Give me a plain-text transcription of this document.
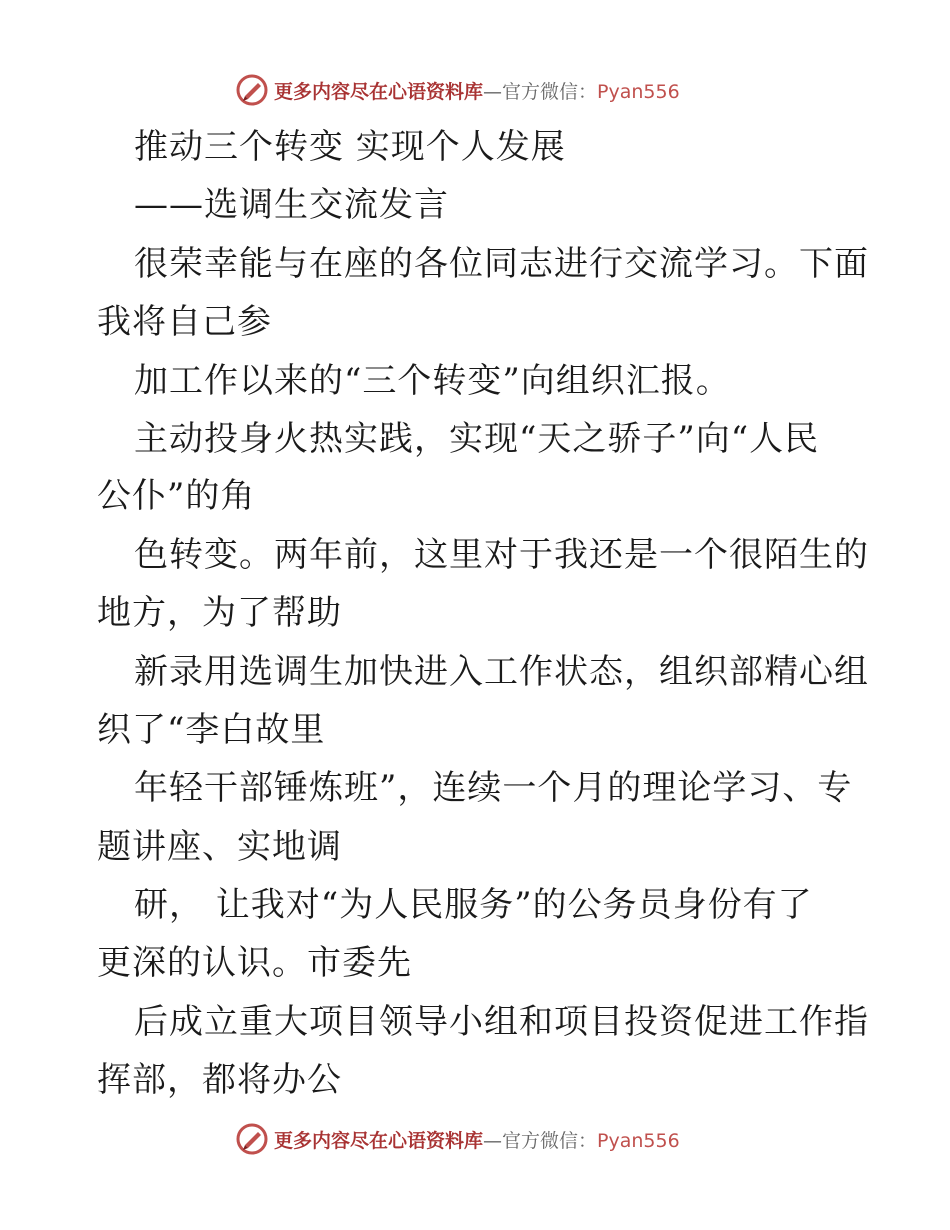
更多内容尽在心语资料库—官方微信：Pyan556
推动三个转变 实现个人发展
——选调生交流发言
很荣幸能与在座的各位同志进行交流学习。下面
我将自己参
加工作以来的“三个转变”向组织汇报。
主动投身火热实践，实现“天之骄子”向“人民
公仆”的角
色转变。两年前，这里对于我还是一个很陌生的
地方，为了帮助
新录用选调生加快进入工作状态，组织部精心组
织了“李白故里
年轻干部锤炼班”，连续一个月的理论学习、专
题讲座、实地调
研， 让我对“为人民服务”的公务员身份有了
更深的认识。市委先
后成立重大项目领导小组和项目投资促进工作指
挥部，都将办公
更多内容尽在心语资料库—官方微信：Pyan556
